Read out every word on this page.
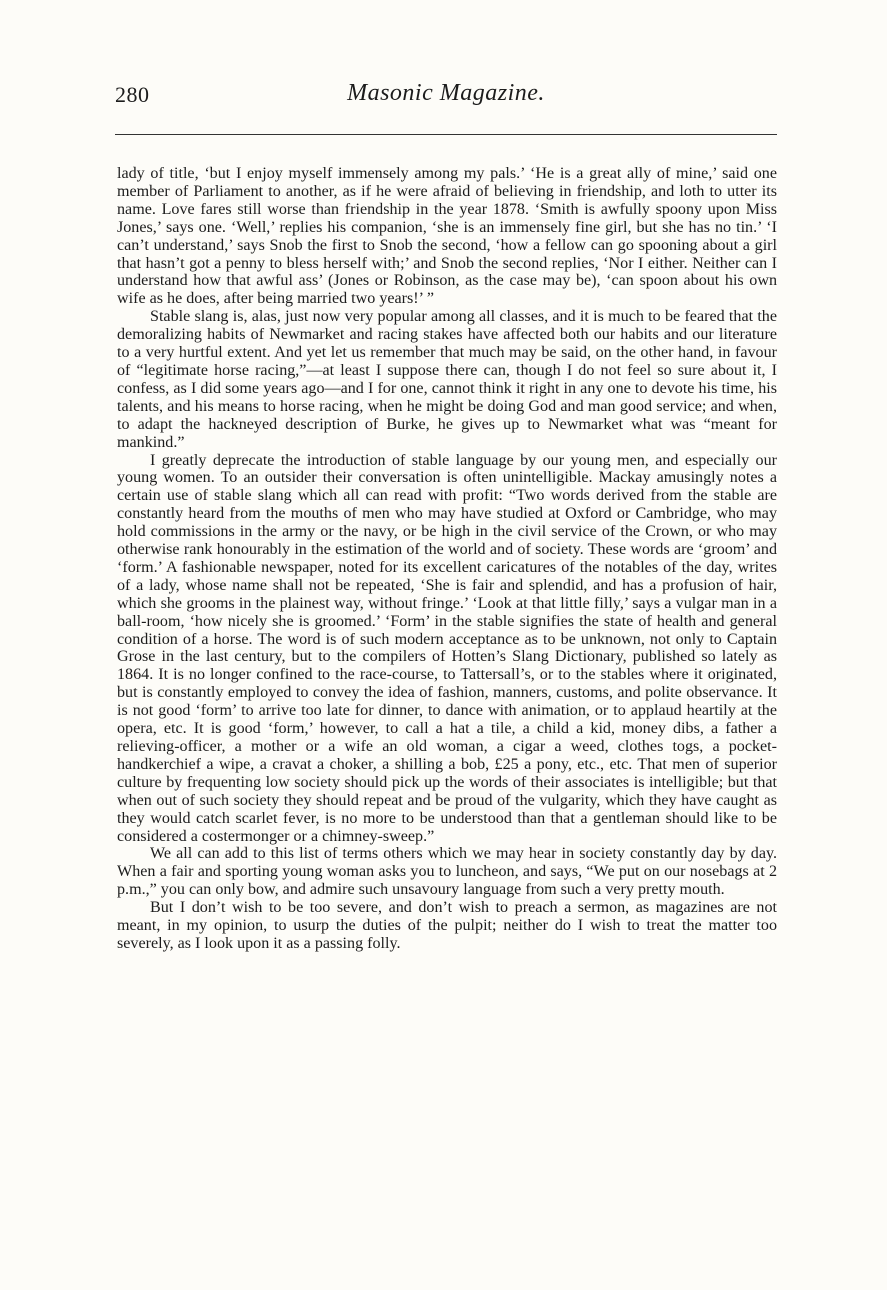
280	Masonic Magazine.

lady of title, ‘but I enjoy myself immensely among my pals.’ ‘He is a great ally of mine,’ said one member of Parliament to another, as if he were afraid of believing in friendship, and loth to utter its name. Love fares still worse than friendship in the year 1878. ‘Smith is awfully spoony upon Miss Jones,’ says one. ‘Well,’ replies his companion, ‘she is an immensely fine girl, but she has no tin.’ ‘I can’t understand,’ says Snob the first to Snob the second, ‘how a fellow can go spooning about a girl that hasn’t got a penny to bless herself with;’ and Snob the second replies, ‘Nor I either. Neither can I understand how that awful ass’ (Jones or Robinson, as the case may be), ‘can spoon about his own wife as he does, after being married two years!’ ”

Stable slang is, alas, just now very popular among all classes, and it is much to be feared that the demoralizing habits of Newmarket and racing stakes have affected both our habits and our literature to a very hurtful extent. And yet let us remember that much may be said, on the other hand, in favour of “legitimate horse racing,”—at least I suppose there can, though I do not feel so sure about it, I confess, as I did some years ago—and I for one, cannot think it right in any one to devote his time, his talents, and his means to horse racing, when he might be doing God and man good service; and when, to adapt the hackneyed description of Burke, he gives up to Newmarket what was “meant for mankind.”

I greatly deprecate the introduction of stable language by our young men, and especially our young women. To an outsider their conversation is often unintelligible. Mackay amusingly notes a certain use of stable slang which all can read with profit: “Two words derived from the stable are constantly heard from the mouths of men who may have studied at Oxford or Cambridge, who may hold commissions in the army or the navy, or be high in the civil service of the Crown, or who may otherwise rank honourably in the estimation of the world and of society. These words are ‘groom’ and ‘form.’ A fashionable newspaper, noted for its excellent caricatures of the notables of the day, writes of a lady, whose name shall not be repeated, ‘She is fair and splendid, and has a profusion of hair, which she grooms in the plainest way, without fringe.’ ‘Look at that little filly,’ says a vulgar man in a ball-room, ‘how nicely she is groomed.’ ‘Form’ in the stable signifies the state of health and general condition of a horse. The word is of such modern acceptance as to be unknown, not only to Captain Grose in the last century, but to the compilers of Hotten’s Slang Dictionary, published so lately as 1864. It is no longer confined to the race-course, to Tattersall’s, or to the stables where it originated, but is constantly employed to convey the idea of fashion, manners, customs, and polite observance. It is not good ‘form’ to arrive too late for dinner, to dance with animation, or to applaud heartily at the opera, etc. It is good ‘form,’ however, to call a hat a tile, a child a kid, money dibs, a father a relieving-officer, a mother or a wife an old woman, a cigar a weed, clothes togs, a pocket-handkerchief a wipe, a cravat a choker, a shilling a bob, £25 a pony, etc., etc. That men of superior culture by frequenting low society should pick up the words of their associates is intelligible; but that when out of such society they should repeat and be proud of the vulgarity, which they have caught as they would catch scarlet fever, is no more to be understood than that a gentleman should like to be considered a costermonger or a chimney-sweep.”

We all can add to this list of terms others which we may hear in society constantly day by day. When a fair and sporting young woman asks you to luncheon, and says, “We put on our nosebags at 2 p.m.,” you can only bow, and admire such unsavoury language from such a very pretty mouth.

But I don’t wish to be too severe, and don’t wish to preach a sermon, as magazines are not meant, in my opinion, to usurp the duties of the pulpit; neither do I wish to treat the matter too severely, as I look upon it as a passing folly.
